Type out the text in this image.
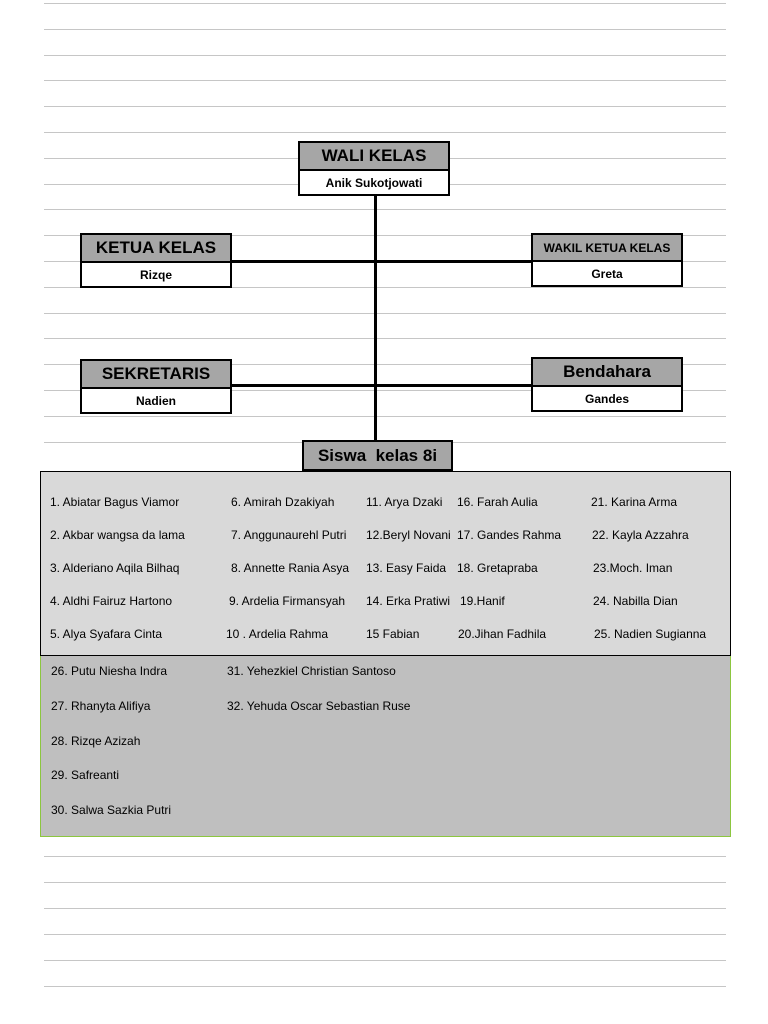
WALI KELAS
Anik Sukotjowati
KETUA KELAS
Rizqe
WAKIL KETUA KELAS
Greta
SEKRETARIS
Nadien
Bendahara
Gandes
Siswa  kelas 8i
1. Abiatar Bagus Viamor
2. Akbar wangsa da lama
3. Alderiano Aqila Bilhaq
4. Aldhi Fairuz Hartono
5. Alya Syafara Cinta
6. Amirah Dzakiyah
7. Anggunaurehl Putri
8. Annette Rania Asya
9. Ardelia Firmansyah
10 . Ardelia Rahma
11. Arya Dzaki
12.Beryl Novani
13. Easy Faida
14. Erka Pratiwi
15 Fabian
16. Farah Aulia
17. Gandes Rahma
18. Gretapraba
19.Hanif
20.Jihan Fadhila
21. Karina Arma
22. Kayla Azzahra
23.Moch. Iman
24. Nabilla Dian
25. Nadien Sugianna
26. Putu Niesha Indra
27. Rhanyta Alifiya
28. Rizqe Azizah
29. Safreanti
30. Salwa Sazkia Putri
31. Yehezkiel Christian Santoso
32. Yehuda Oscar Sebastian Ruse
